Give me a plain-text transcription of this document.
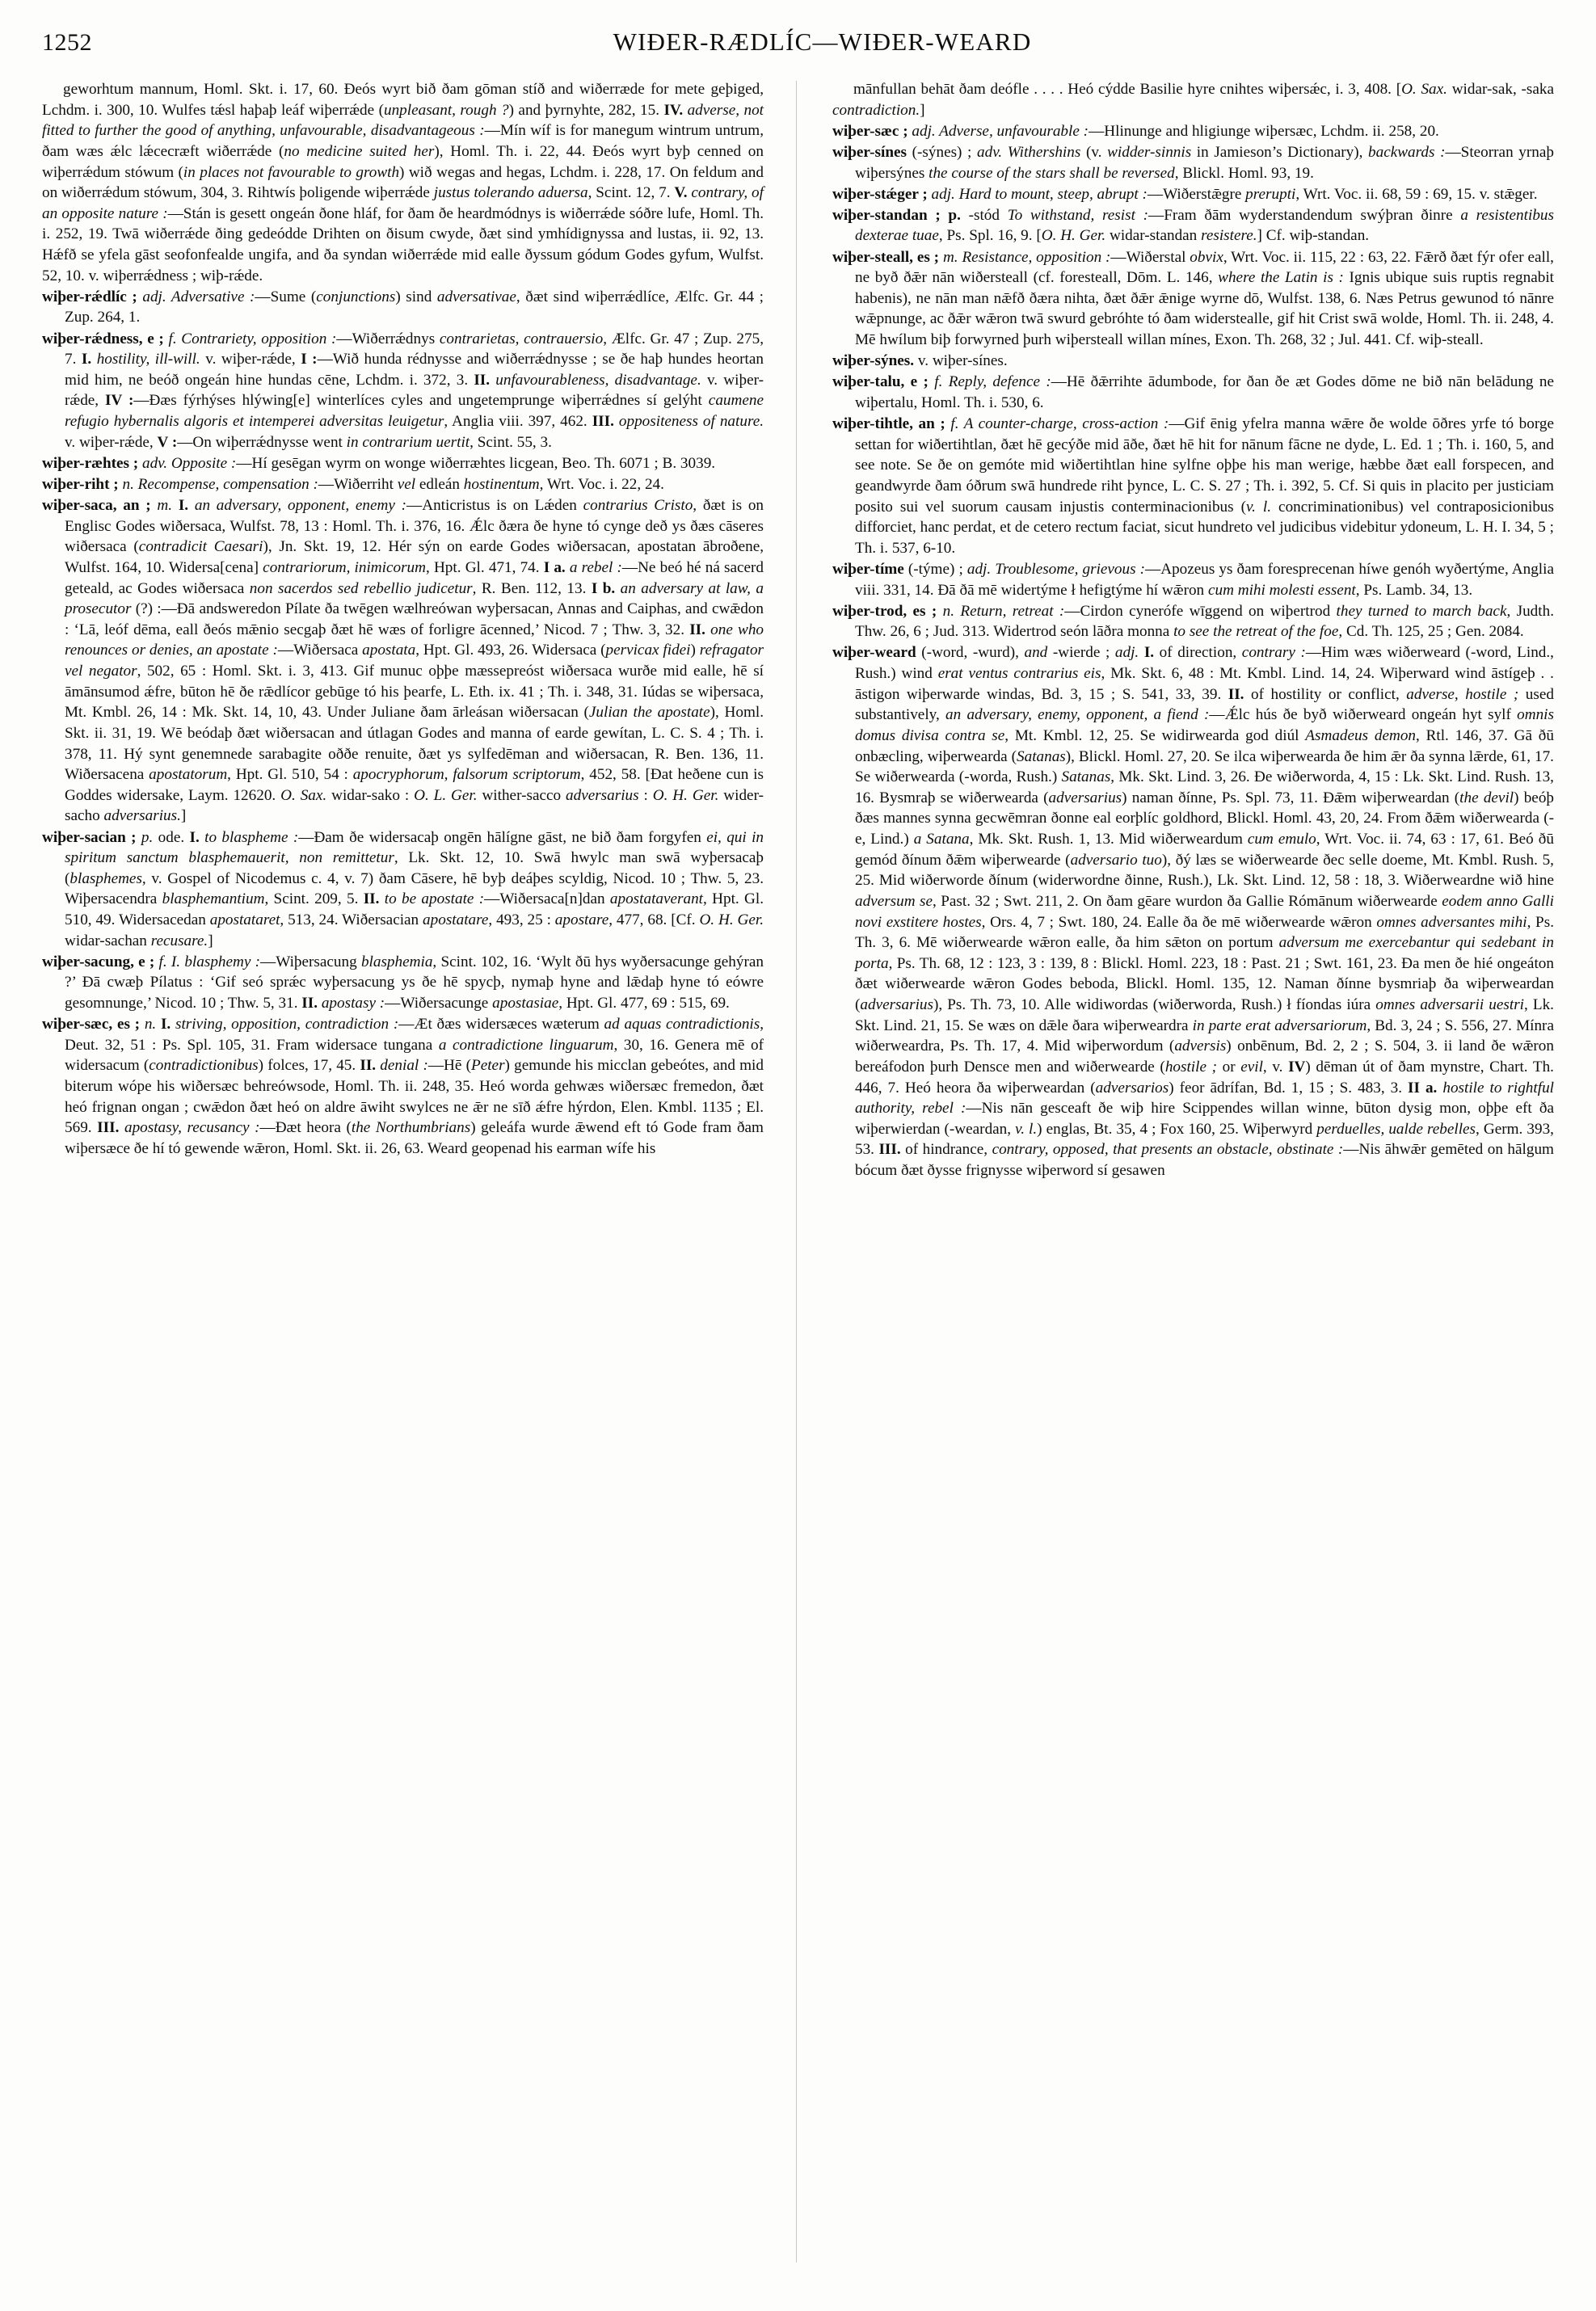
1252	WIÐER-RÆDLÍC—WIÐER-WEARD

geworhtum mannum, Homl. Skt. i. 17, 60. Ðeós wyrt bið ðam gōman stíð and wiðerræde for mete geþiged, Lchdm. i. 300, 10. Wulfes tǽsl haþaþ leáf wiþerrǽde (unpleasant, rough ?) and þyrnyhte, 282, 15. IV. adverse, not fitted to further the good of anything, unfavourable, disadvantageous :—Mín wíf is for manegum wintrum untrum, ðam wæs ǽlc lǽcecræft wiðerrǽde (no medicine suited her), Homl. Th. i. 22, 44. Ðeós wyrt byþ cenned on wiþerrǽdum stówum (in places not favourable to growth) wið wegas and hegas, Lchdm. i. 228, 17. On feldum and on wiðerrǽdum stówum, 304, 3. Rihtwís þoligende wiþerrǽde justus tolerando aduersa, Scint. 12, 7. V. contrary, of an opposite nature :—Stán is gesett ongeán ðone hláf, for ðam ðe heardmódnys is wiðerrǽde sóðre lufe, Homl. Th. i. 252, 19. Twā wiðerrǽde ðing gedeódde Drihten on ðisum cwyde, ðæt sind ymhídignyssa and lustas, ii. 92, 13. Hǽfð se yfela gāst seofonfealde ungifa, and ða syndan wiðerrǽde mid ealle ðyssum gódum Godes gyfum, Wulfst. 52, 10. v. wiþerrǽdness ; wiþ-rǽde.

wiþer-rǽdlíc ; adj. Adversative :—Sume (conjunctions) sind adversativae, ðæt sind wiþerrǽdlíce, Ælfc. Gr. 44 ; Zup. 264, 1.

wiþer-rǽdness, e ; f. Contrariety, opposition :—Wiðerrǽdnys contrarietas, contrauersio, Ælfc. Gr. 47 ; Zup. 275, 7. I. hostility, ill-will. v. wiþer-rǽde, I :—Wið hunda rédnysse and wiðerrǽdnysse ; se ðe haþ hundes heortan mid him, ne beóð ongeán hine hundas cēne, Lchdm. i. 372, 3. II. unfavourableness, disadvantage. v. wiþer-rǽde, IV :—Ðæs fýrhýses hlýwing[e] winterlíces cyles and ungetemprunge wiþerrǽdnes sí gelýht caumene refugio hybernalis algoris et intemperei adversitas leuigetur, Anglia viii. 397, 462. III. oppositeness of nature. v. wiþer-rǽde, V :—On wiþerrǽdnysse went in contrarium uertit, Scint. 55, 3.

wiþer-ræhtes ; adv. Opposite :—Hí gesēgan wyrm on wonge wiðerræhtes licgean, Beo. Th. 6071 ; B. 3039.

wiþer-riht ; n. Recompense, compensation :—Wiðerriht vel edleán hostinentum, Wrt. Voc. i. 22, 24.

wiþer-saca, an ; m. I. an adversary, opponent, enemy :—Anticristus is on Lǽden contrarius Cristo, ðæt is on Englisc Godes wiðersaca, Wulfst. 78, 13 : Homl. Th. i. 376, 16. Ǽlc ðæra ðe hyne tó cynge deð ys ðæs cāseres wiðersaca (contradicit Caesari), Jn. Skt. 19, 12. Hér sýn on earde Godes wiðersacan, apostatan ābroðene, Wulfst. 164, 10. Widersa[cena] contrariorum, inimicorum, Hpt. Gl. 471, 74. I a. a rebel :—Ne beó hé ná sacerd geteald, ac Godes wiðersaca non sacerdos sed rebellio judicetur, R. Ben. 112, 13. I b. an adversary at law, a prosecutor (?) :—Ðā andsweredon Pílate ða twēgen wælhreówan wyþersacan, Annas and Caiphas, and cwǣdon : ‘Lā, leóf dēma, eall ðeós mǣnio secgaþ ðæt hē wæs of forligre ācenned,’ Nicod. 7 ; Thw. 3, 32. II. one who renounces or denies, an apostate :—Wiðersaca apostata, Hpt. Gl. 493, 26. Widersaca (pervicax fidei) refragator vel negator, 502, 65 : Homl. Skt. i. 3, 413. Gif munuc oþþe mæssepreóst wiðersaca wurðe mid ealle, hē sí āmānsumod ǽfre, būton hē ðe rǣdlícor gebūge tó his þearfe, L. Eth. ix. 41 ; Th. i. 348, 31. Iúdas se wiþersaca, Mt. Kmbl. 26, 14 : Mk. Skt. 14, 10, 43. Under Juliane ðam ārleásan wiðersacan (Julian the apostate), Homl. Skt. ii. 31, 19. Wē beódaþ ðæt wiðersacan and útlagan Godes and manna of earde gewítan, L. C. S. 4 ; Th. i. 378, 11. Hý synt genemnede sarabagite oððe renuite, ðæt ys sylfedēman and wiðersacan, R. Ben. 136, 11. Wiðersacena apostatorum, Hpt. Gl. 510, 54 : apocryphorum, falsorum scriptorum, 452, 58. [Ðat heðene cun is Goddes widersake, Laym. 12620. O. Sax. widar-sako : O. L. Ger. wither-sacco adversarius : O. H. Ger. wider-sacho adversarius.]

wiþer-sacian ; p. ode. I. to blaspheme :—Ðam ðe widersacaþ ongēn hālígne gāst, ne bið ðam forgyfen ei, qui in spiritum sanctum blasphemauerit, non remittetur, Lk. Skt. 12, 10. Swā hwylc man swā wyþersacaþ (blasphemes, v. Gospel of Nicodemus c. 4, v. 7) ðam Cāsere, hē byþ deáþes scyldig, Nicod. 10 ; Thw. 5, 23. Wiþersacendra blasphemantium, Scint. 209, 5. II. to be apostate :—Wiðersaca[n]dan apostataverant, Hpt. Gl. 510, 49. Widersacedan apostataret, 513, 24. Wiðersacian apostatare, 493, 25 : apostare, 477, 68. [Cf. O. H. Ger. widar-sachan recusare.]

wiþer-sacung, e ; f. I. blasphemy :—Wiþersacung blasphemia, Scint. 102, 16. ‘Wylt ðū hys wyðersacunge gehýran ?’ Ðā cwæþ Pílatus : ‘Gif seó sprǽc wyþersacung ys ðe hē spycþ, nymaþ hyne and lǣdaþ hyne tó eówre gesomnunge,’ Nicod. 10 ; Thw. 5, 31. II. apostasy :—Wiðersacunge apostasiae, Hpt. Gl. 477, 69 : 515, 69.

wiþer-sæc, es ; n. I. striving, opposition, contradiction :—Æt ðæs widersæces wæterum ad aquas contradictionis, Deut. 32, 51 : Ps. Spl. 105, 31. Fram widersace tungana a contradictione linguarum, 30, 16. Genera mē of widersacum (contradictionibus) folces, 17, 45. II. denial :—Hē (Peter) gemunde his micclan gebeótes, and mid biterum wópe his wiðersæc behreówsode, Homl. Th. ii. 248, 35. Heó worda gehwæs wiðersæc fremedon, ðæt heó frignan ongan ; cwǣdon ðæt heó on aldre āwiht swylces ne ǣr ne sīð ǽfre hýrdon, Elen. Kmbl. 1135 ; El. 569. III. apostasy, recusancy :—Ðæt heora (the Northumbrians) geleáfa wurde ǣwend eft tó Gode fram ðam wiþersæce ðe hí tó gewende wǣron, Homl. Skt. ii. 26, 63. Weard geopenad his earman wífe his

mānfullan behāt ðam deófle . . . . Heó cýdde Basilie hyre cnihtes wiþersǽc, i. 3, 408. [O. Sax. widar-sak, -saka contradiction.]

wiþer-sæc ; adj. Adverse, unfavourable :—Hlinunge and hligiunge wiþersæc, Lchdm. ii. 258, 20.

wiþer-sínes (-sýnes) ; adv. Withershins (v. widder-sinnis in Jamieson’s Dictionary), backwards :—Steorran yrnaþ wiþersýnes the course of the stars shall be reversed, Blickl. Homl. 93, 19.

wiþer-stǽger ; adj. Hard to mount, steep, abrupt :—Wiðerstǣgre prerupti, Wrt. Voc. ii. 68, 59 : 69, 15. v. stǣger.

wiþer-standan ; p. -stód To withstand, resist :—Fram ðām wyderstandendum swýþran ðinre a resistentibus dexterae tuae, Ps. Spl. 16, 9. [O. H. Ger. widar-standan resistere.] Cf. wiþ-standan.

wiþer-steall, es ; m. Resistance, opposition :—Wiðerstal obvix, Wrt. Voc. ii. 115, 22 : 63, 22. Fǣrð ðæt fýr ofer eall, ne byð ðǣr nān wiðersteall (cf. foresteall, Dōm. L. 146, where the Latin is : Ignis ubique suis ruptis regnabit habenis), ne nān man nǣfð ðæra nihta, ðæt ðǣr ǣnige wyrne dō, Wulfst. 138, 6. Næs Petrus gewunod tó nānre wǣpnunge, ac ðǣr wǣron twā swurd gebróhte tó ðam widersteallе, gif hit Crist swā wolde, Homl. Th. ii. 248, 4. Mē hwílum biþ forwyrned þurh wiþersteall willan mínes, Exon. Th. 268, 32 ; Jul. 441. Cf. wiþ-steall.

wiþer-sýnes. v. wiþer-sínes.

wiþer-talu, e ; f. Reply, defence :—Hē ðǣrrihte ādumbode, for ðan ðe æt Godes dōme ne bið nān belādung ne wiþertalu, Homl. Th. i. 530, 6.

wiþer-tihtle, an ; f. A counter-charge, cross-action :—Gif ēnig yfelra manna wǣre ðe wolde ōðres yrfe tó borge settan for wiðertihtlan, ðæt hē gecýðe mid āðe, ðæt hē hit for nānum fācne ne dyde, L. Ed. 1 ; Th. i. 160, 5, and see note. Se ðe on gemóte mid wiðertihtlan hine sylfne oþþe his man werige, hæbbe ðæt eall forspecen, and geandwyrde ðam óðrum swā hundrede riht þynce, L. C. S. 27 ; Th. i. 392, 5. Cf. Si quis in placito per justiciam posito sui vel suorum causam injustis conterminacionibus (v. l. concriminationibus) vel contraposicionibus difforciet, hanc perdat, et de cetero rectum faciat, sicut hundreto vel judicibus videbitur ydoneum, L. H. I. 34, 5 ; Th. i. 537, 6-10.

wiþer-tíme (-týme) ; adj. Troublesome, grievous :—Apozeus ys ðam foresprecenan híwe genóh wyðertýme, Anglia viii. 331, 14. Ðā ðā mē widertýme ł hefigtýme hí wǣron cum mihi molesti essent, Ps. Lamb. 34, 13.

wiþer-trod, es ; n. Return, retreat :—Cirdon cynerófe wīggend on wiþertrod they turned to march back, Judth. Thw. 26, 6 ; Jud. 313. Widertrod seón lāðra monna to see the retreat of the foe, Cd. Th. 125, 25 ; Gen. 2084.

wiþer-weard (-word, -wurd), and -wierde ; adj. I. of direction, contrary :—Him wæs wiðerweard (-word, Lind., Rush.) wind erat ventus contrarius eis, Mk. Skt. 6, 48 : Mt. Kmbl. Lind. 14, 24. Wiþerward wind āstígeþ . . āstigon wiþerwarde windas, Bd. 3, 15 ; S. 541, 33, 39. II. of hostility or conflict, adverse, hostile ; used substantively, an adversary, enemy, opponent, a fiend :—Ǽlc hús ðe byð wiðerweard ongeán hyt sylf omnis domus divisa contra se, Mt. Kmbl. 12, 25. Se widirwearda god diúl Asmadeus demon, Rtl. 146, 37. Gā ðū onbæcling, wiþerwearda (Satanas), Blickl. Homl. 27, 20. Se ilca wiþerwearda ðe him ǣr ða synna lǣrde, 61, 17. Se wiðerwearda (-worda, Rush.) Satanas, Mk. Skt. Lind. 3, 26. Ðe wiðerworda, 4, 15 : Lk. Skt. Lind. Rush. 13, 16. Bysmraþ se wiðerwearda (adversarius) naman ðínne, Ps. Spl. 73, 11. Ðǣm wiþerweardan (the devil) beóþ ðæs mannes synna gecwēmran ðonne eal eorþlíc goldhord, Blickl. Homl. 43, 20, 24. From ðǣm wiðerwearda (-e, Lind.) a Satana, Mk. Skt. Rush. 1, 13. Mid wiðerweardum cum emulo, Wrt. Voc. ii. 74, 63 : 17, 61. Beó ðū gemód ðínum ðǣm wiþerwearde (adversario tuo), ðý læs se wiðerwearde ðec selle doeme, Mt. Kmbl. Rush. 5, 25. Mid wiðerworde ðínum (widerwordne ðinne, Rush.), Lk. Skt. Lind. 12, 58 : 18, 3. Wiðerweardne wið hine adversum se, Past. 32 ; Swt. 211, 2. On ðam gēare wurdon ða Gallie Rómānum wiðerwearde eodem anno Galli novi exstitere hostes, Ors. 4, 7 ; Swt. 180, 24. Ealle ða ðe mē wiðerwearde wǣron omnes adversantes mihi, Ps. Th. 3, 6. Mē wiðerwearde wǣron ealle, ða him sǣton on portum adversum me exercebantur qui sedebant in porta, Ps. Th. 68, 12 : 123, 3 : 139, 8 : Blickl. Homl. 223, 18 : Past. 21 ; Swt. 161, 23. Ða men ðe hié ongeáton ðæt wiðerwearde wǣron Godes beboda, Blickl. Homl. 135, 12. Naman ðínne bysmriaþ ða wiþerweardan (adversarius), Ps. Th. 73, 10. Alle widiwordas (wiðerworda, Rush.) ł fíondas iúra omnes adversarii uestri, Lk. Skt. Lind. 21, 15. Se wæs on dǣle ðara wiþerweardra in parte erat adversariorum, Bd. 3, 24 ; S. 556, 27. Mínra wiðerweardra, Ps. Th. 17, 4. Mid wiþerwordum (adversis) onbēnum, Bd. 2, 2 ; S. 504, 3. ii land ðe wǣron bereáfodon þurh Densce men and wiðerwearde (hostile ; or evil, v. IV) dēman út of ðam mynstre, Chart. Th. 446, 7. Heó heora ða wiþerweardan (adversarios) feor ādrífan, Bd. 1, 15 ; S. 483, 3. II a. hostile to rightful authority, rebel :—Nis nān gesceaft ðe wiþ hire Scippendes willan winne, būton dysig mon, oþþe eft ða wiþerwierdan (-weardan, v. l.) englas, Bt. 35, 4 ; Fox 160, 25. Wiþerwyrd perduelles, ualde rebelles, Germ. 393, 53. III. of hindrance, contrary, opposed, that presents an obstacle, obstinate :—Nis āhwǣr gemēted on hālgum bócum ðæt ðysse frignysse wiþerword sí gesawen
